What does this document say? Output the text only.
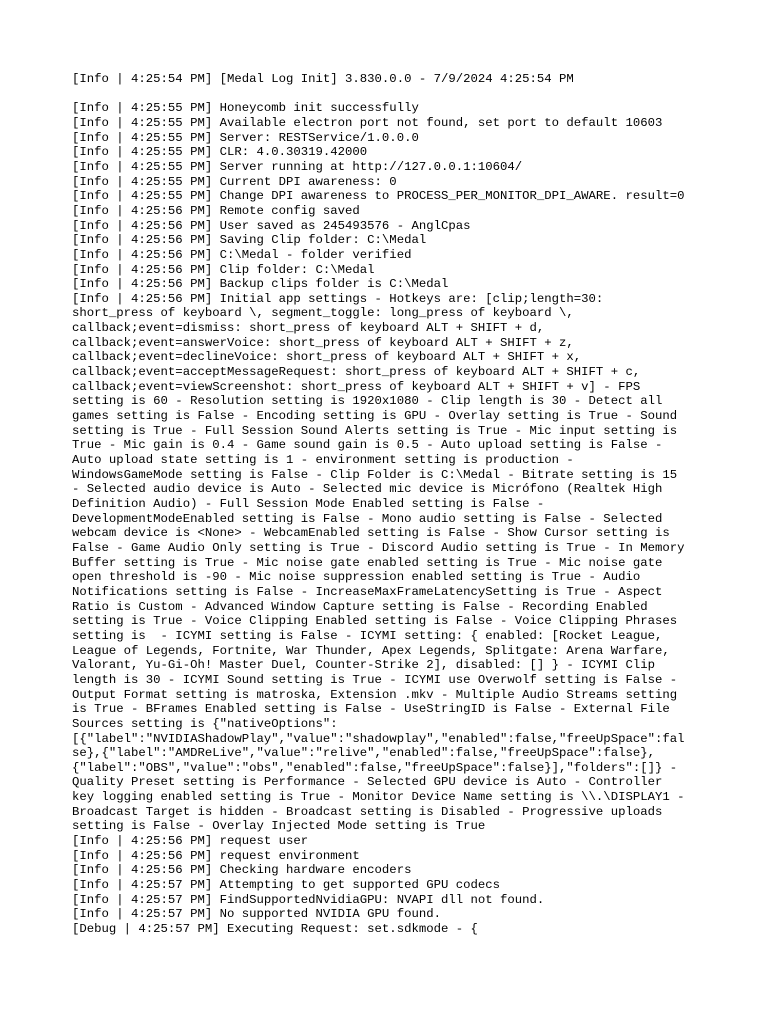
[Info | 4:25:54 PM] [Medal Log Init] 3.830.0.0 - 7/9/2024 4:25:54 PM
[Info | 4:25:55 PM] Honeycomb init successfully
[Info | 4:25:55 PM] Available electron port not found, set port to default 10603
[Info | 4:25:55 PM] Server: RESTService/1.0.0.0
[Info | 4:25:55 PM] CLR: 4.0.30319.42000
[Info | 4:25:55 PM] Server running at http://127.0.0.1:10604/
[Info | 4:25:55 PM] Current DPI awareness: 0
[Info | 4:25:55 PM] Change DPI awareness to PROCESS_PER_MONITOR_DPI_AWARE. result=0
[Info | 4:25:56 PM] Remote config saved
[Info | 4:25:56 PM] User saved as 245493576 - AnglCpas
[Info | 4:25:56 PM] Saving Clip folder: C:\Medal
[Info | 4:25:56 PM] C:\Medal - folder verified
[Info | 4:25:56 PM] Clip folder: C:\Medal
[Info | 4:25:56 PM] Backup clips folder is C:\Medal
[Info | 4:25:56 PM] Initial app settings - Hotkeys are: [clip;length=30:
short_press of keyboard \, segment_toggle: long_press of keyboard \,
callback;event=dismiss: short_press of keyboard ALT + SHIFT + d,
callback;event=answerVoice: short_press of keyboard ALT + SHIFT + z,
callback;event=declineVoice: short_press of keyboard ALT + SHIFT + x,
callback;event=acceptMessageRequest: short_press of keyboard ALT + SHIFT + c,
callback;event=viewScreenshot: short_press of keyboard ALT + SHIFT + v] - FPS
setting is 60 - Resolution setting is 1920x1080 - Clip length is 30 - Detect all
games setting is False - Encoding setting is GPU - Overlay setting is True - Sound
setting is True - Full Session Sound Alerts setting is True - Mic input setting is
True - Mic gain is 0.4 - Game sound gain is 0.5 - Auto upload setting is False -
Auto upload state setting is 1 - environment setting is production -
WindowsGameMode setting is False - Clip Folder is C:\Medal - Bitrate setting is 15
- Selected audio device is Auto - Selected mic device is Micrófono (Realtek High
Definition Audio) - Full Session Mode Enabled setting is False -
DevelopmentModeEnabled setting is False - Mono audio setting is False - Selected
webcam device is <None> - WebcamEnabled setting is False - Show Cursor setting is
False - Game Audio Only setting is True - Discord Audio setting is True - In Memory
Buffer setting is True - Mic noise gate enabled setting is True - Mic noise gate
open threshold is -90 - Mic noise suppression enabled setting is True - Audio
Notifications setting is False - IncreaseMaxFrameLatencySetting is True - Aspect
Ratio is Custom - Advanced Window Capture setting is False - Recording Enabled
setting is True - Voice Clipping Enabled setting is False - Voice Clipping Phrases
setting is  - ICYMI setting is False - ICYMI setting: { enabled: [Rocket League,
League of Legends, Fortnite, War Thunder, Apex Legends, Splitgate: Arena Warfare,
Valorant, Yu-Gi-Oh! Master Duel, Counter-Strike 2], disabled: [] } - ICYMI Clip
length is 30 - ICYMI Sound setting is True - ICYMI use Overwolf setting is False -
Output Format setting is matroska, Extension .mkv - Multiple Audio Streams setting
is True - BFrames Enabled setting is False - UseStringID is False - External File
Sources setting is {"nativeOptions":
[{"label":"NVIDIAShadowPlay","value":"shadowplay","enabled":false,"freeUpSpace":fal
se},{"label":"AMDReLive","value":"relive","enabled":false,"freeUpSpace":false},
{"label":"OBS","value":"obs","enabled":false,"freeUpSpace":false}],"folders":[]} -
Quality Preset setting is Performance - Selected GPU device is Auto - Controller
key logging enabled setting is True - Monitor Device Name setting is \\.\DISPLAY1 -
Broadcast Target is hidden - Broadcast setting is Disabled - Progressive uploads
setting is False - Overlay Injected Mode setting is True
[Info | 4:25:56 PM] request user
[Info | 4:25:56 PM] request environment
[Info | 4:25:56 PM] Checking hardware encoders
[Info | 4:25:57 PM] Attempting to get supported GPU codecs
[Info | 4:25:57 PM] FindSupportedNvidiaGPU: NVAPI dll not found.
[Info | 4:25:57 PM] No supported NVIDIA GPU found.
[Debug | 4:25:57 PM] Executing Request: set.sdkmode - {
